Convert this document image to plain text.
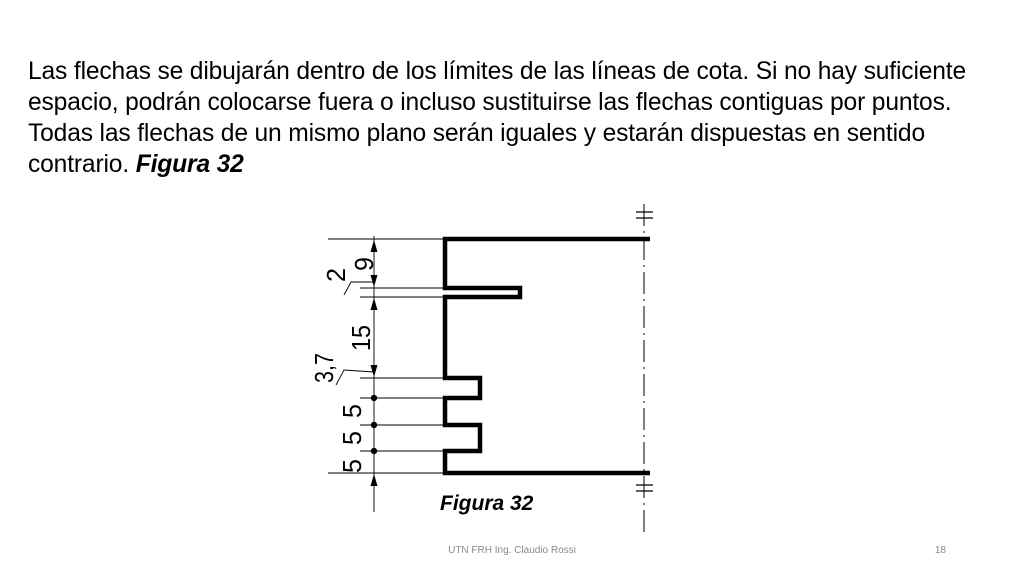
Las flechas se dibujarán dentro de los límites de las líneas de cota. Si no hay suficiente espacio, podrán colocarse fuera o incluso sustituirse las flechas contiguas por puntos. Todas las flechas de un mismo plano serán iguales y estarán dispuestas en sentido contrario. Figura 32

9
2
15
3,7
5
5
5
Figura 32
UTN FRH Ing. Claudio Rossi	18
